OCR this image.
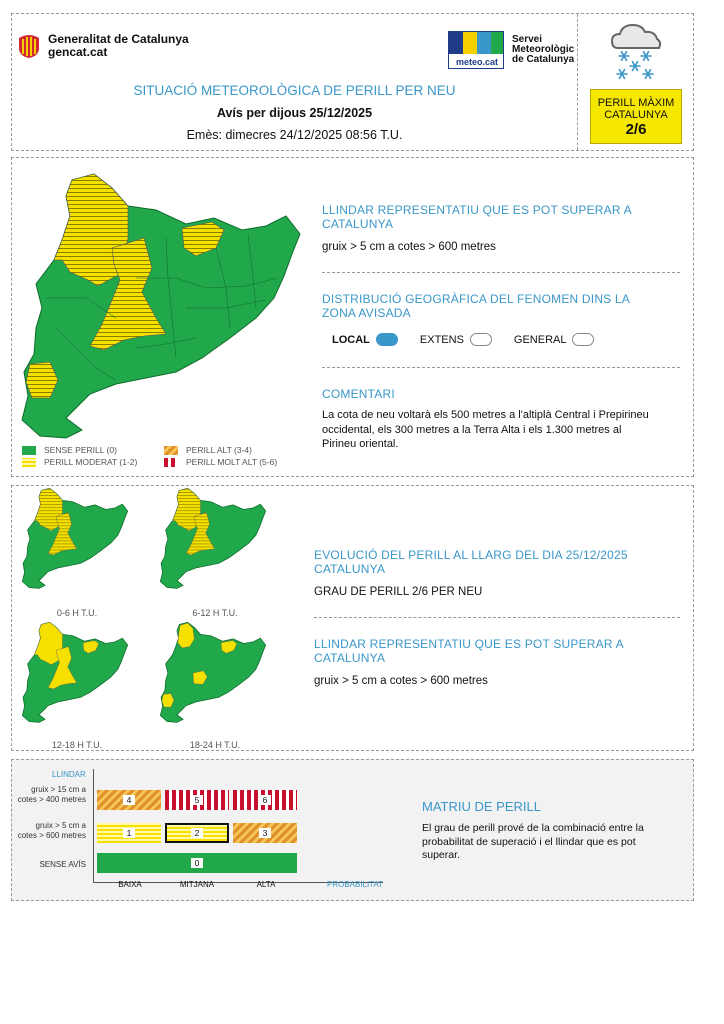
Generalitat de Catalunya
gencat.cat
meteo.cat
Servei
Meteorològic
de Catalunya
SITUACIÓ METEOROLÒGICA DE PERILL PER NEU
Avís per dijous 25/12/2025
Emès: dimecres 24/12/2025 08:56 T.U.
PERILL MÀXIM
CATALUNYA
2/6
SENSE PERILL (0)
PERILL MODERAT (1-2)
PERILL ALT (3-4)
PERILL MOLT ALT (5-6)
LLINDAR REPRESENTATIU QUE ES POT SUPERAR A CATALUNYA
gruix > 5 cm a cotes > 600 metres
DISTRIBUCIÓ GEOGRÀFICA DEL FENOMEN DINS LA ZONA AVISADA
LOCAL	EXTENS	GENERAL
COMENTARI
La cota de neu voltarà els 500 metres a l'altiplà Central i Prepirineu occidental, els 300 metres a la Terra Alta i els 1.300 metres al Pirineu oriental.
0-6 H T.U.	6-12 H T.U.
12-18 H T.U.	18-24 H T.U.
EVOLUCIÓ DEL PERILL AL LLARG DEL DIA 25/12/2025 CATALUNYA
GRAU DE PERILL 2/6 PER NEU
LLINDAR REPRESENTATIU QUE ES POT SUPERAR A CATALUNYA
gruix > 5 cm a cotes > 600 metres
LLINDAR
gruix > 15 cm a cotes > 400 metres
gruix > 5 cm a cotes > 600 metres
SENSE AVÍS
4	5	6
1	2	3
0
BAIXA	MITJANA	ALTA	PROBABILITAT
MATRIU DE PERILL
El grau de perill prové de la combinació entre la probabilitat de superació i el llindar que es pot superar.
